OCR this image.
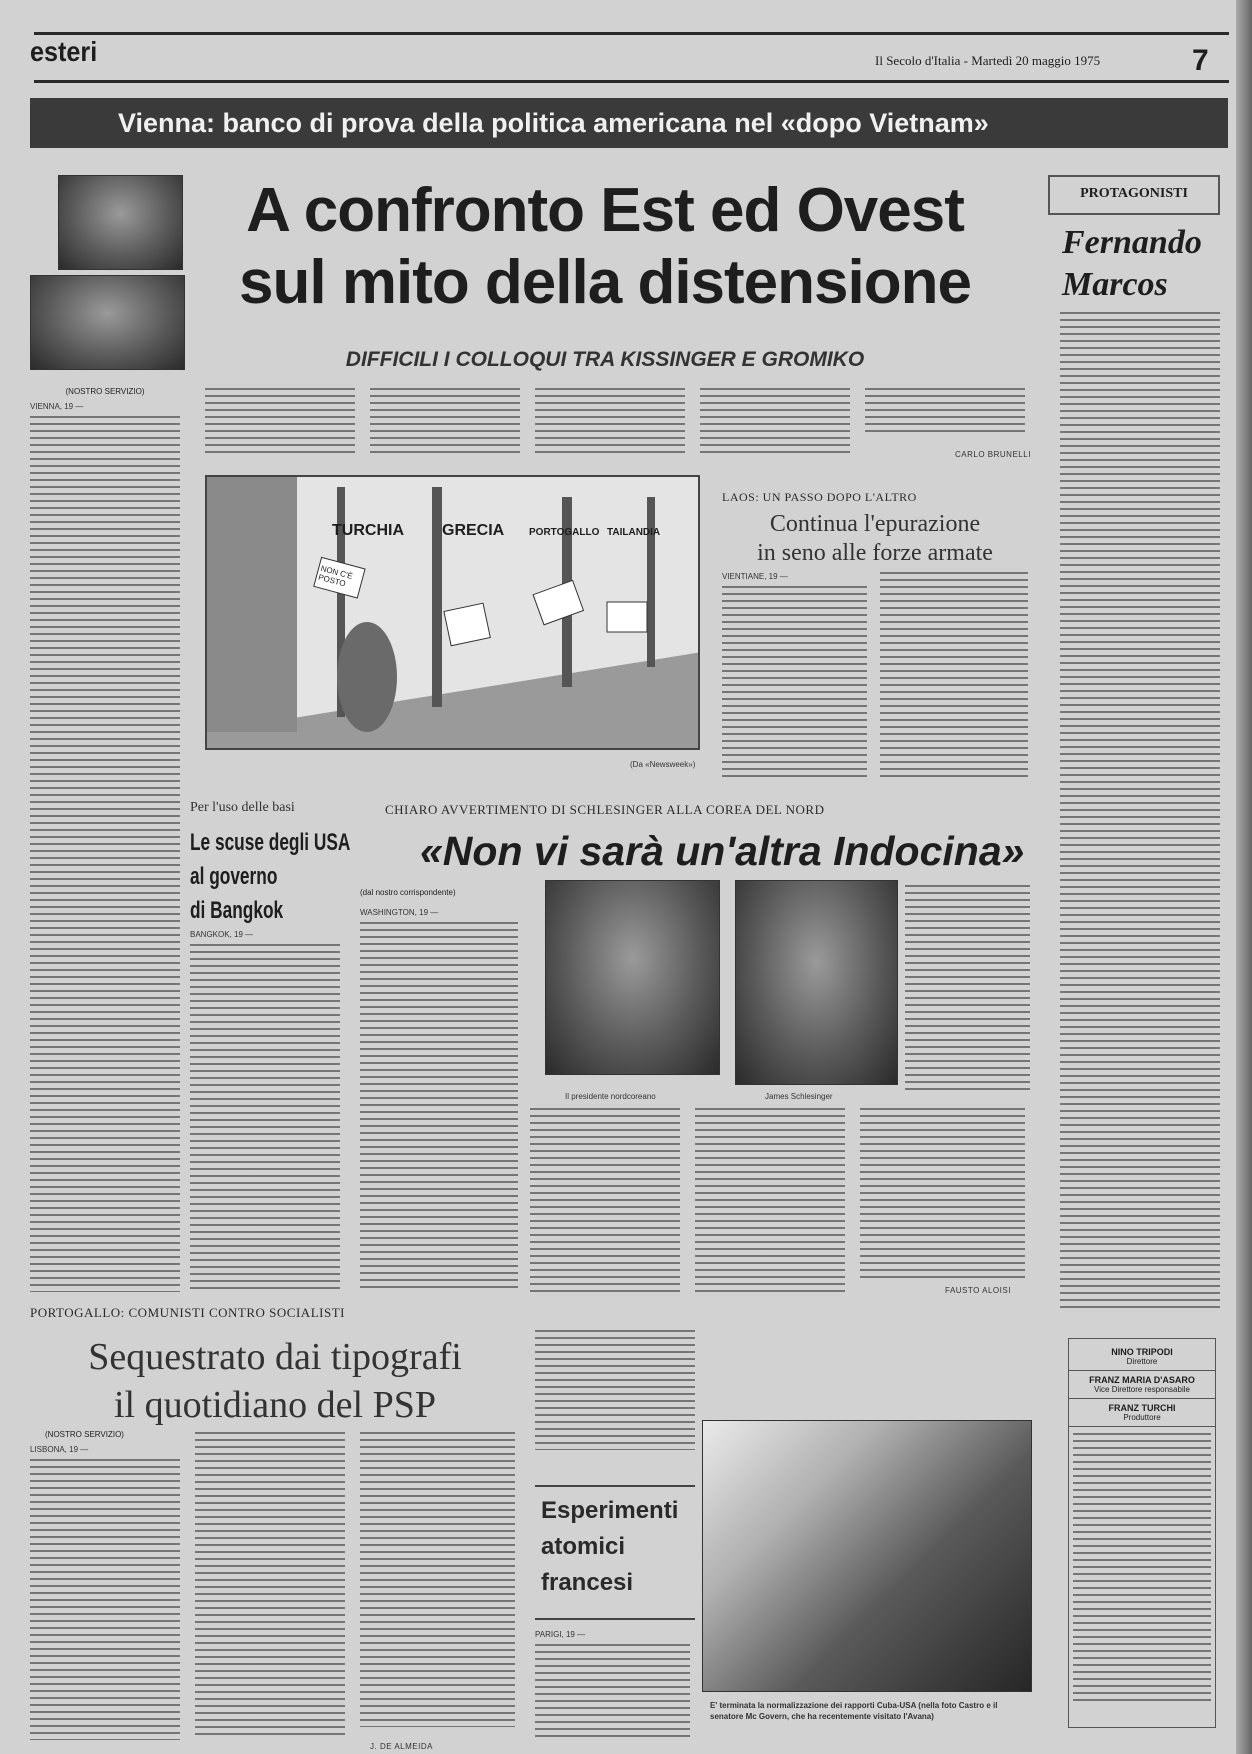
esteri	Il Secolo d'Italia - Martedì 20 maggio 1975	7
Vienna: banco di prova della politica americana nel «dopo Vietnam»
A confronto Est ed Ovest
sul mito della distensione
DIFFICILI I COLLOQUI TRA KISSINGER E GROMIKO
(NOSTRO SERVIZIO)
VIENNA, 19 —
CARLO BRUNELLI
TURCHIA GRECIA PORTOGALLO TAILANDIA
NON C'È POSTO
(Da «Newsweek»)
LAOS: UN PASSO DOPO L'ALTRO
Continua l'epurazione
in seno alle forze armate
VIENTIANE, 19 —
PROTAGONISTI
Fernando
Marcos
Per l'uso delle basi
Le scuse degli USA
al governo
di Bangkok
BANGKOK, 19 —
CHIARO AVVERTIMENTO DI SCHLESINGER ALLA COREA DEL NORD
«Non vi sarà un'altra Indocina»
(dal nostro corrispondente)
WASHINGTON, 19 —
Il presidente nordcoreano	James Schlesinger
FAUSTO ALOISI
PORTOGALLO: COMUNISTI CONTRO SOCIALISTI
Sequestrato dai tipografi
il quotidiano del PSP
(NOSTRO SERVIZIO)
LISBONA, 19 —
J. DE ALMEIDA
Esperimenti
atomici
francesi
PARIGI, 19 —
E' terminata la normalizzazione dei rapporti Cuba-USA (nella foto Castro e il senatore Mc Govern, che ha recentemente visitato l'Avana)
NINO TRIPODI
Direttore
FRANZ MARIA D'ASARO
Vice Direttore responsabile
FRANZ TURCHI
Produttore
